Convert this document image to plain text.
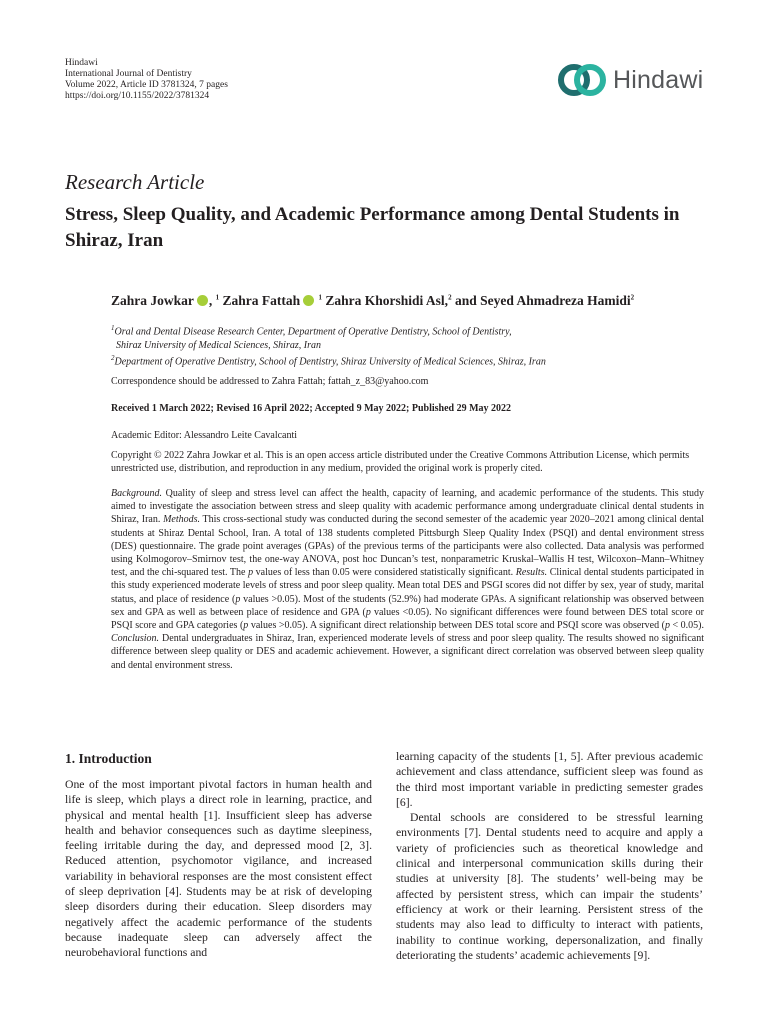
Hindawi
International Journal of Dentistry
Volume 2022, Article ID 3781324, 7 pages
https://doi.org/10.1155/2022/3781324
Hindawi
Research Article
Stress, Sleep Quality, and Academic Performance among Dental Students in Shiraz, Iran
Zahra Jowkar , $^1$ Zahra Fattah	$^1$ Zahra Khorshidi Asl,$^2$ and Seyed Ahmadreza Hamidi$^2$
$^1$Oral and Dental Disease Research Center, Department of Operative Dentistry, School of Dentistry,
Shiraz University of Medical Sciences, Shiraz, Iran
$^2$Department of Operative Dentistry, School of Dentistry, Shiraz University of Medical Sciences, Shiraz, Iran
Correspondence should be addressed to Zahra Fattah; fattah_z_83@yahoo.com
Received 1 March 2022; Revised 16 April 2022; Accepted 9 May 2022; Published 29 May 2022
Academic Editor: Alessandro Leite Cavalcanti
Copyright © 2022 Zahra Jowkar et al. This is an open access article distributed under the Creative Commons Attribution License, which permits unrestricted use, distribution, and reproduction in any medium, provided the original work is properly cited.
Background. Quality of sleep and stress level can affect the health, capacity of learning, and academic performance of the students. This study aimed to investigate the association between stress and sleep quality with academic performance among undergraduate clinical dental students in Shiraz, Iran. Methods. This cross-sectional study was conducted during the second semester of the academic year 2020–2021 among clinical dental students at Shiraz Dental School, Iran. A total of 138 students completed Pittsburgh Sleep Quality Index (PSQI) and dental environment stress (DES) questionnaire. The grade point averages (GPAs) of the previous terms of the participants were also collected. Data analysis was performed using Kolmogorov–Smirnov test, the one-way ANOVA, post hoc Duncan’s test, nonparametric Kruskal–Wallis H test, Wilcoxon–Mann–Whitney test, and the chi-squared test. The p values of less than 0.05 were considered statistically significant. Results. Clinical dental students participated in this study experienced moderate levels of stress and poor sleep quality. Mean total DES and PSGI scores did not differ by sex, year of study, marital status, and place of residence (p values >0.05). Most of the students (52.9%) had moderate GPAs. A significant relationship was observed between sex and GPA as well as between place of residence and GPA (p values <0.05). No significant differences were found between DES total score or PSQI score and GPA categories (p values >0.05). A significant direct relationship between DES total score and PSQI score was observed (p < 0.05). Conclusion. Dental undergraduates in Shiraz, Iran, experienced moderate levels of stress and poor sleep quality. The results showed no significant difference between sleep quality or DES and academic achievement. However, a significant direct correlation was observed between sleep quality and dental environment stress.
1. Introduction

One of the most important pivotal factors in human health and life is sleep, which plays a direct role in learning, practice, and physical and mental health [1]. Insufficient sleep has adverse health and behavior consequences such as daytime sleepiness, feeling irritable during the day, and depressed mood [2, 3]. Reduced attention, psychomotor vigilance, and increased variability in behavioral responses are the most consistent effect of sleep deprivation [4]. Students may be at risk of developing sleep disorders during their education. Sleep disorders may negatively affect the academic performance of the students because inadequate sleep can adversely affect the neurobehavioral functions and

learning capacity of the students [1, 5]. After previous academic achievement and class attendance, sufficient sleep was found as the third most important variable in predicting semester grades [6].

Dental schools are considered to be stressful learning environments [7]. Dental students need to acquire and apply a variety of proficiencies such as theoretical knowledge and clinical and interpersonal communication skills during their studies at university [8]. The students’ well-being may be affected by persistent stress, which can impair the students’ efficiency at work or their learning. Persistent stress of the students may also lead to difficulty to interact with patients, inability to continue working, depersonalization, and finally deteriorating the students’ academic achievements [9].
